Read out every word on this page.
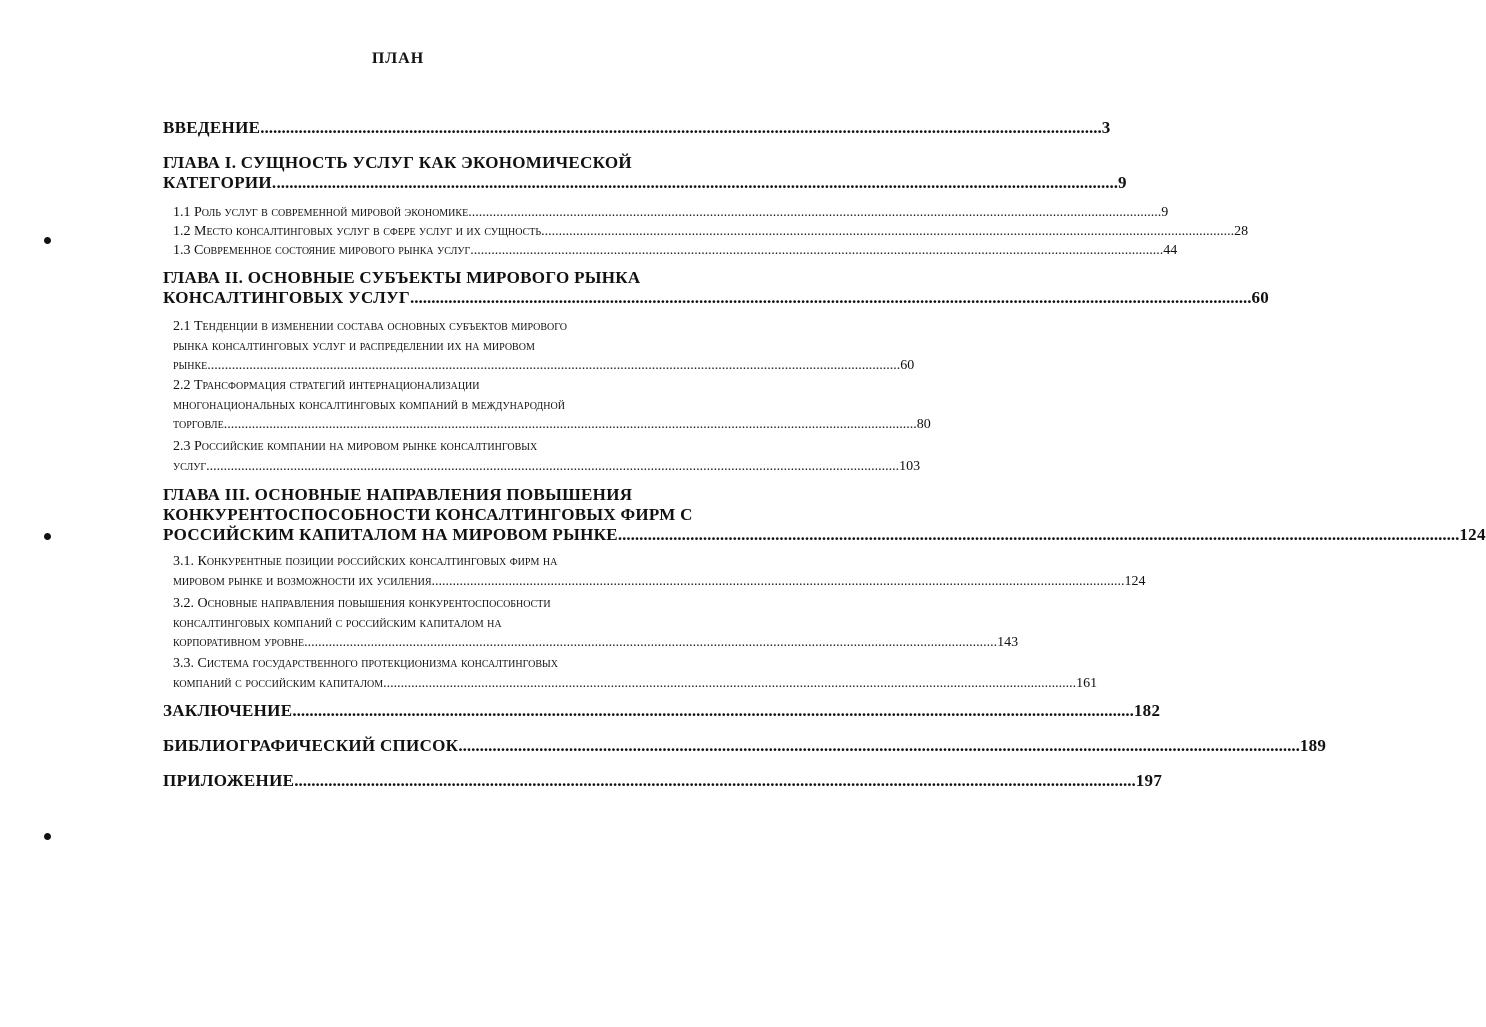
ПЛАН
ВВЕДЕНИЕ .....	3
ГЛАВА I. СУЩНОСТЬ УСЛУГ КАК ЭКОНОМИЧЕСКОЙ
КАТЕГОРИИ. .....	9
1.1 Роль услуг в современной мировой экономике .....	9
1.2 Место консалтинговых услуг в сфере услуг и их сущность .....	28
1.3 Современное состояние мирового рынка услуг .....	44
ГЛАВА II. ОСНОВНЫЕ СУБЪЕКТЫ МИРОВОГО РЫНКА
КОНСАЛТИНГОВЫХ УСЛУГ .....	60
2.1 Тенденции в изменении состава основных субъектов мирового
рынка консалтинговых услуг и распределении их на мировом
рынке .....	60
2.2 Трансформация стратегий интернационализации
многонациональных консалтинговых компаний в международной
торговле .....	80
2.3 Российские компании на мировом рынке консалтинговых
услуг .....	103
ГЛАВА III. ОСНОВНЫЕ НАПРАВЛЕНИЯ ПОВЫШЕНИЯ
КОНКУРЕНТОСПОСОБНОСТИ КОНСАЛТИНГОВЫХ ФИРМ С
РОССИЙСКИМ КАПИТАЛОМ НА МИРОВОМ РЫНКЕ .....	124
3.1. Конкурентные позиции российских консалтинговых фирм на
мировом рынке и возможности их усиления .....	124
3.2. Основные направления повышения конкурентоспособности
консалтинговых компаний с российским капиталом на
корпоративном уровне .....	143
3.3. Система государственного протекционизма консалтинговых
компаний с российским капиталом .....	161
ЗАКЛЮЧЕНИЕ .....	182
БИБЛИОГРАФИЧЕСКИЙ СПИСОК .....	189
ПРИЛОЖЕНИЕ .....	197
